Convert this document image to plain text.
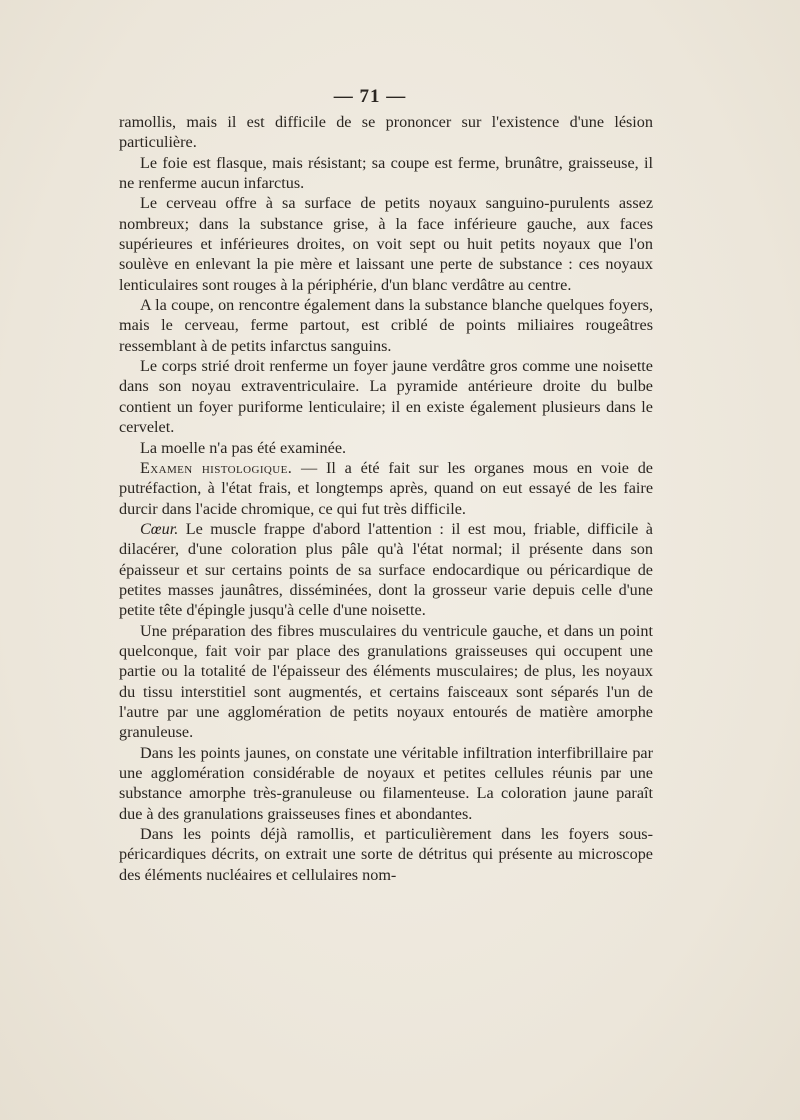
— 71 —

ramollis, mais il est difficile de se prononcer sur l'existence d'une lésion particulière.

Le foie est flasque, mais résistant; sa coupe est ferme, brunâtre, graisseuse, il ne renferme aucun infarctus.

Le cerveau offre à sa surface de petits noyaux sanguino-purulents assez nombreux; dans la substance grise, à la face inférieure gauche, aux faces supérieures et inférieures droites, on voit sept ou huit petits noyaux que l'on soulève en enlevant la pie mère et laissant une perte de substance : ces noyaux lenticulaires sont rouges à la périphérie, d'un blanc verdâtre au centre.

A la coupe, on rencontre également dans la substance blanche quelques foyers, mais le cerveau, ferme partout, est criblé de points miliaires rougeâtres ressemblant à de petits infarctus sanguins.

Le corps strié droit renferme un foyer jaune verdâtre gros comme une noisette dans son noyau extraventriculaire. La pyramide antérieure droite du bulbe contient un foyer puriforme lenticulaire; il en existe également plusieurs dans le cervelet.

La moelle n'a pas été examinée.

Examen histologique. — Il a été fait sur les organes mous en voie de putréfaction, à l'état frais, et longtemps après, quand on eut essayé de les faire durcir dans l'acide chromique, ce qui fut très difficile.

Cœur. Le muscle frappe d'abord l'attention : il est mou, friable, difficile à dilacérer, d'une coloration plus pâle qu'à l'état normal; il présente dans son épaisseur et sur certains points de sa surface endocardique ou péricardique de petites masses jaunâtres, disséminées, dont la grosseur varie depuis celle d'une petite tête d'épingle jusqu'à celle d'une noisette.

Une préparation des fibres musculaires du ventricule gauche, et dans un point quelconque, fait voir par place des granulations graisseuses qui occupent une partie ou la totalité de l'épaisseur des éléments musculaires; de plus, les noyaux du tissu interstitiel sont augmentés, et certains faisceaux sont séparés l'un de l'autre par une agglomération de petits noyaux entourés de matière amorphe granuleuse.

Dans les points jaunes, on constate une véritable infiltration interfibrillaire par une agglomération considérable de noyaux et petites cellules réunis par une substance amorphe très-granuleuse ou filamenteuse. La coloration jaune paraît due à des granulations graisseuses fines et abondantes.

Dans les points déjà ramollis, et particulièrement dans les foyers sous-péricardiques décrits, on extrait une sorte de détritus qui présente au microscope des éléments nucléaires et cellulaires nom-
